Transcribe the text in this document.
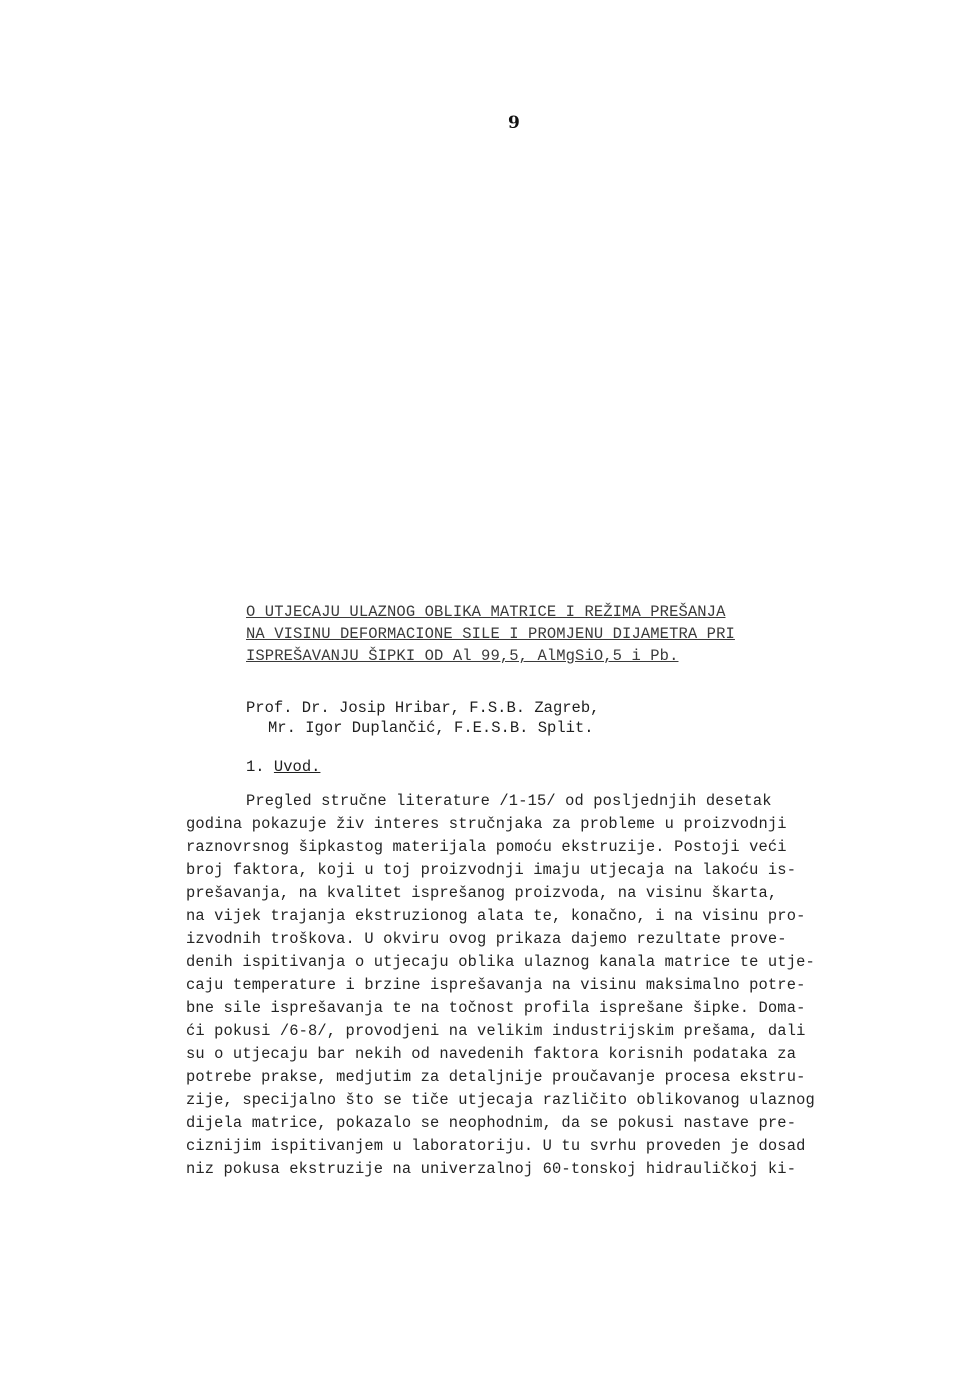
9
O UTJECAJU ULAZNOG OBLIKA MATRICE I REŽIMA PREŠANJA
NA VISINU DEFORMACIONE SILE I PROMJENU DIJAMETRA PRI
ISPREŠAVANJU ŠIPKI OD Al 99,5, AlMgSiO,5 i Pb.
Prof. Dr. Josip Hribar, F.S.B. Zagreb,
Mr. Igor Duplančić, F.E.S.B. Split.
1. Uvod.
Pregled stručne literature /1-15/ od posljednjih desetak
godina pokazuje živ interes stručnjaka za probleme u proizvodnji
raznovrsnog šipkastog materijala pomoću ekstruzije. Postoji veći
broj faktora, koji u toj proizvodnji imaju utjecaja na lakoću is-
prešavanja, na kvalitet isprešanog proizvoda, na visinu škarta,
na vijek trajanja ekstruzionog alata te, konačno, i na visinu pro-
izvodnih troškova. U okviru ovog prikaza dajemo rezultate prove-
denih ispitivanja o utjecaju oblika ulaznog kanala matrice te utje-
caju temperature i brzine isprešavanja na visinu maksimalno potre-
bne sile isprešavanja te na točnost profila isprešane šipke. Doma-
ći pokusi /6-8/, provodjeni na velikim industrijskim prešama, dali
su o utjecaju bar nekih od navedenih faktora korisnih podataka za
potrebe prakse, medjutim za detaljnije proučavanje procesa ekstru-
zije, specijalno što se tiče utjecaja različito oblikovanog ulaznog
dijela matrice, pokazalo se neophodnim, da se pokusi nastave pre-
ciznijim ispitivanjem u laboratoriju. U tu svrhu proveden je dosad
niz pokusa ekstruzije na univerzalnoj 60-tonskoj hidrauličkoj ki-
